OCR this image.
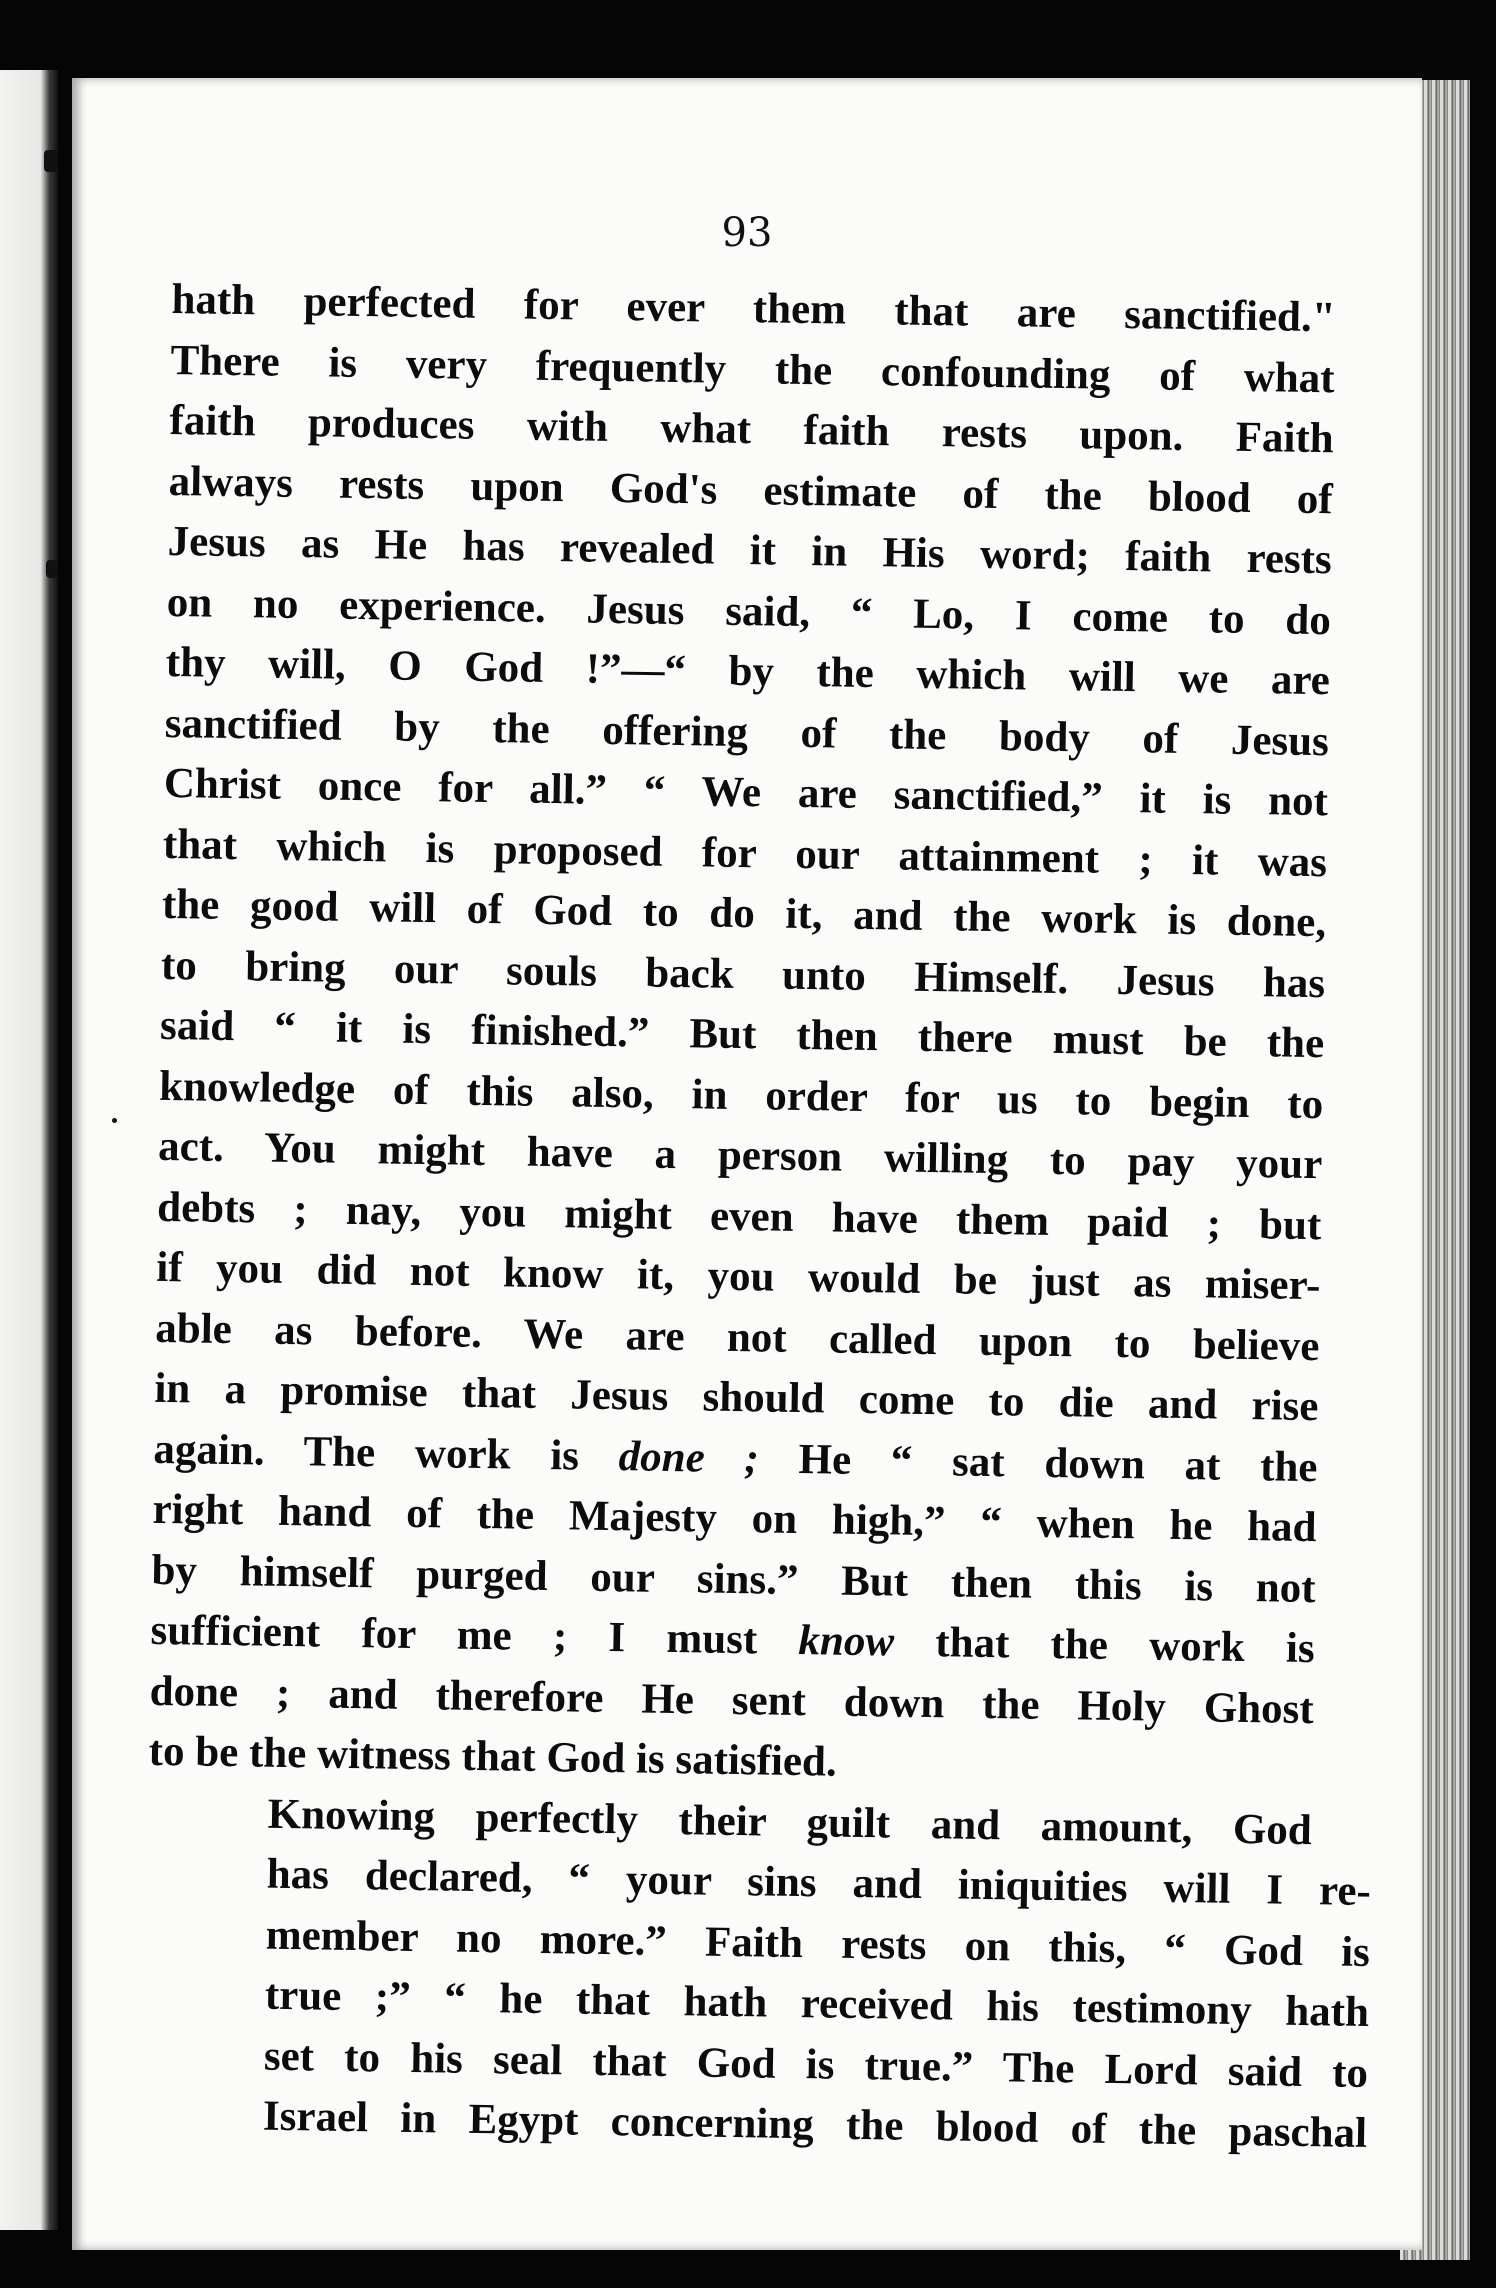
93

hath perfected for ever them that are sanctified."
There is very frequently the confounding of what
faith produces with what faith rests upon. Faith
always rests upon God's estimate of the blood of
Jesus as He has revealed it in His word; faith rests
on no experience. Jesus said, “ Lo, I come to do
thy will, O God !”—“ by the which will we are
sanctified by the offering of the body of Jesus
Christ once for all.” “ We are sanctified,” it is not
that which is proposed for our attainment ; it was
the good will of God to do it, and the work is done,
to bring our souls back unto Himself. Jesus has
said “ it is finished.” But then there must be the
knowledge of this also, in order for us to begin to
act. You might have a person willing to pay your
debts ; nay, you might even have them paid ; but
if you did not know it, you would be just as miser-
able as before. We are not called upon to believe
in a promise that Jesus should come to die and rise
again. The work is done ; He “ sat down at the
right hand of the Majesty on high,” “ when he had
by himself purged our sins.” But then this is not
sufficient for me ; I must know that the work is
done ; and therefore He sent down the Holy Ghost
to be the witness that God is satisfied.

Knowing perfectly their guilt and amount, God
has declared, “ your sins and iniquities will I re-
member no more.” Faith rests on this, “ God is
true ;” “ he that hath received his testimony hath
set to his seal that God is true.” The Lord said to
Israel in Egypt concerning the blood of the paschal
